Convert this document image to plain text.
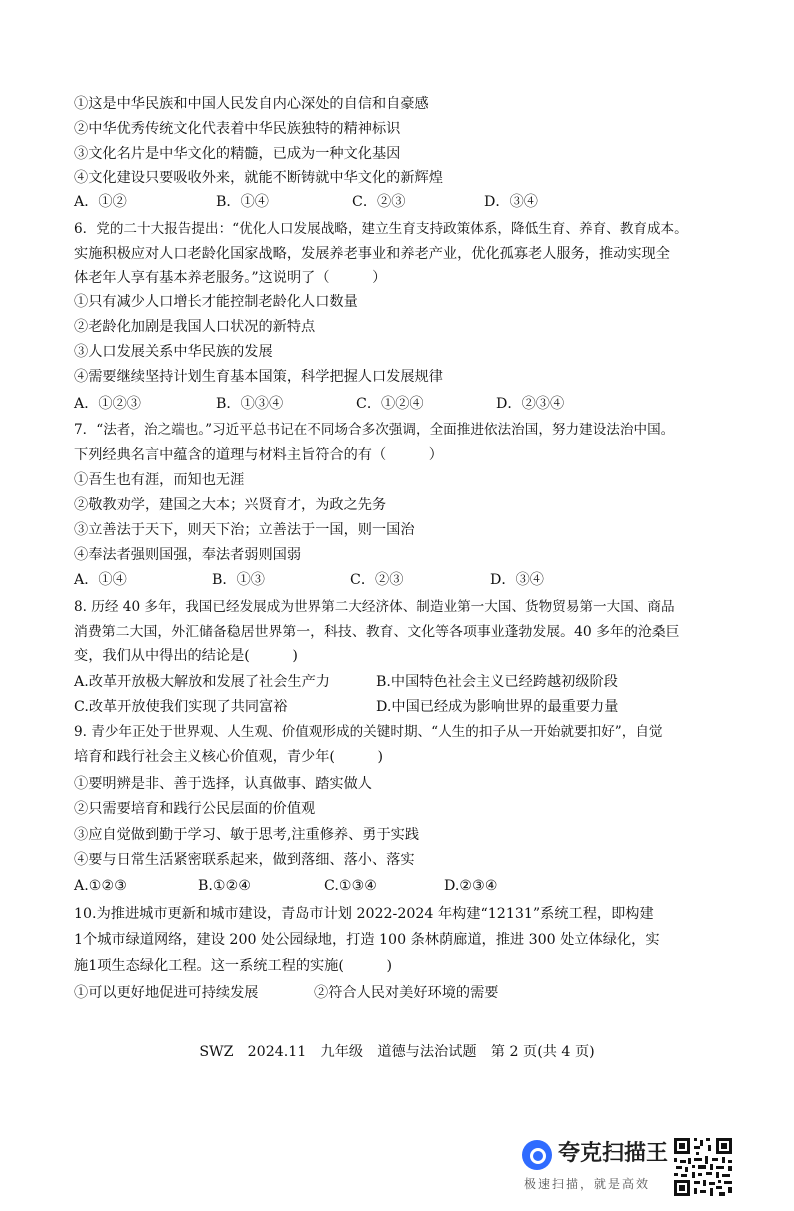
①这是中华民族和中国人民发自内心深处的自信和自豪感
②中华优秀传统文化代表着中华民族独特的精神标识
③文化名片是中华文化的精髓，已成为一种文化基因
④文化建设只要吸收外来，就能不断铸就中华文化的新辉煌
A．①②	B．①④	C．②③	D．③④
6．党的二十大报告提出：“优化人口发展战略，建立生育支持政策体系，降低生育、养育、教育成本。
实施积极应对人口老龄化国家战略，发展养老事业和养老产业，优化孤寡老人服务，推动实现全
体老年人享有基本养老服务。”这说明了（　　　）
①只有减少人口增长才能控制老龄化人口数量
②老龄化加剧是我国人口状况的新特点
③人口发展关系中华民族的发展
④需要继续坚持计划生育基本国策，科学把握人口发展规律
A．①②③	B．①③④	C．①②④	D．②③④
7．“法者，治之端也。”习近平总书记在不同场合多次强调，全面推进依法治国，努力建设法治中国。
下列经典名言中蕴含的道理与材料主旨符合的有（　　　）
①吾生也有涯，而知也无涯
②敬教劝学，建国之大本；兴贤育才，为政之先务
③立善法于天下，则天下治；立善法于一国，则一国治
④奉法者强则国强，奉法者弱则国弱
A．①④	B．①③	C．②③	D．③④
8. 历经 40 多年，我国已经发展成为世界第二大经济体、制造业第一大国、货物贸易第一大国、商品
消费第二大国，外汇储备稳居世界第一，科技、教育、文化等各项事业蓬勃发展。40 多年的沧桑巨
变，我们从中得出的结论是(　　　)
A.改革开放极大解放和发展了社会生产力	B.中国特色社会主义已经跨越初级阶段
C.改革开放使我们实现了共同富裕	D.中国已经成为影响世界的最重要力量
9. 青少年正处于世界观、人生观、价值观形成的关键时期、“人生的扣子从一开始就要扣好”，自觉
培育和践行社会主义核心价值观，青少年(　　　)
①要明辨是非、善于选择，认真做事、踏实做人
②只需要培育和践行公民层面的价值观
③应自觉做到勤于学习、敏于思考,注重修养、勇于实践
④要与日常生活紧密联系起来，做到落细、落小、落实
A.①②③	B.①②④	C.①③④	D.②③④
10.为推进城市更新和城市建设，青岛市计划 2022-2024 年构建“12131”系统工程，即构建
1个城市绿道网络，建设 200 处公园绿地，打造 100 条林荫廊道，推进 300 处立体绿化，实
施1项生态绿化工程。这一系统工程的实施(　　　)
①可以更好地促进可持续发展	②符合人民对美好环境的需要
SWZ　2024.11　九年级　道德与法治试题　第 2 页(共 4 页)
夸克扫描王
极速扫描，就是高效
